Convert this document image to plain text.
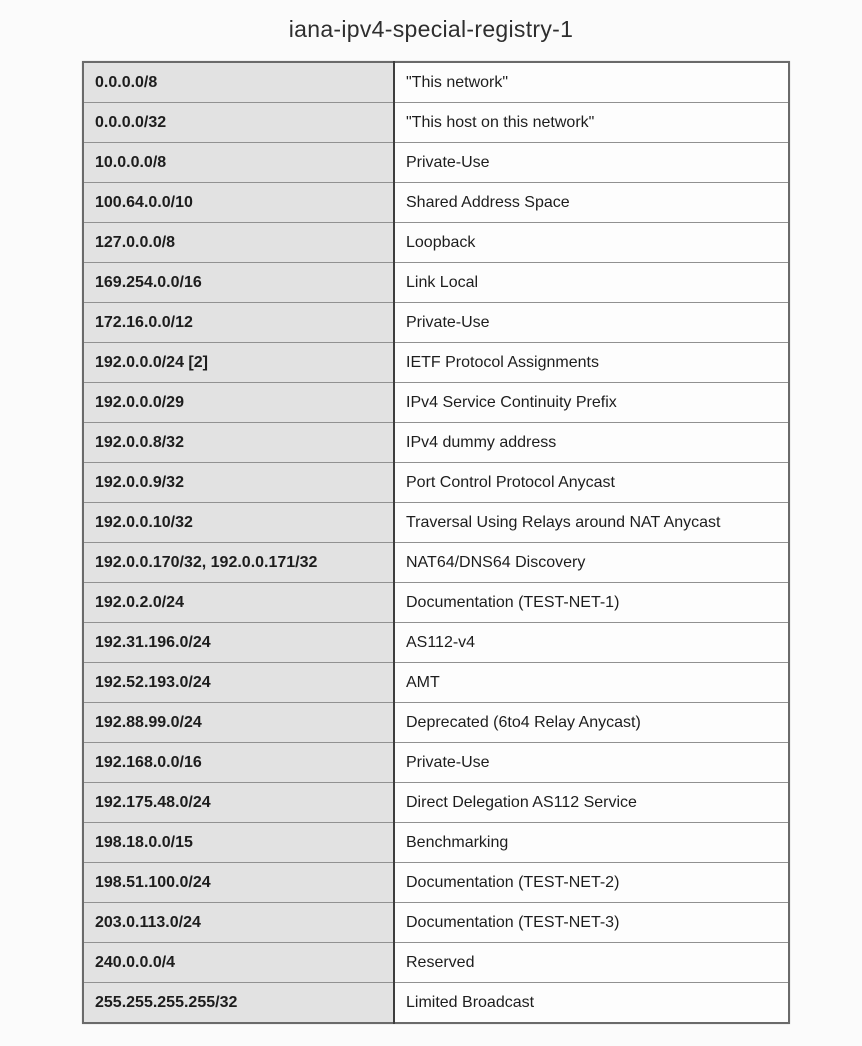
iana-ipv4-special-registry-1
0.0.0.0/8	"This network"
0.0.0.0/32	"This host on this network"
10.0.0.0/8	Private-Use
100.64.0.0/10	Shared Address Space
127.0.0.0/8	Loopback
169.254.0.0/16	Link Local
172.16.0.0/12	Private-Use
192.0.0.0/24 [2]	IETF Protocol Assignments
192.0.0.0/29	IPv4 Service Continuity Prefix
192.0.0.8/32	IPv4 dummy address
192.0.0.9/32	Port Control Protocol Anycast
192.0.0.10/32	Traversal Using Relays around NAT Anycast
192.0.0.170/32, 192.0.0.171/32	NAT64/DNS64 Discovery
192.0.2.0/24	Documentation (TEST-NET-1)
192.31.196.0/24	AS112-v4
192.52.193.0/24	AMT
192.88.99.0/24	Deprecated (6to4 Relay Anycast)
192.168.0.0/16	Private-Use
192.175.48.0/24	Direct Delegation AS112 Service
198.18.0.0/15	Benchmarking
198.51.100.0/24	Documentation (TEST-NET-2)
203.0.113.0/24	Documentation (TEST-NET-3)
240.0.0.0/4	Reserved
255.255.255.255/32	Limited Broadcast
